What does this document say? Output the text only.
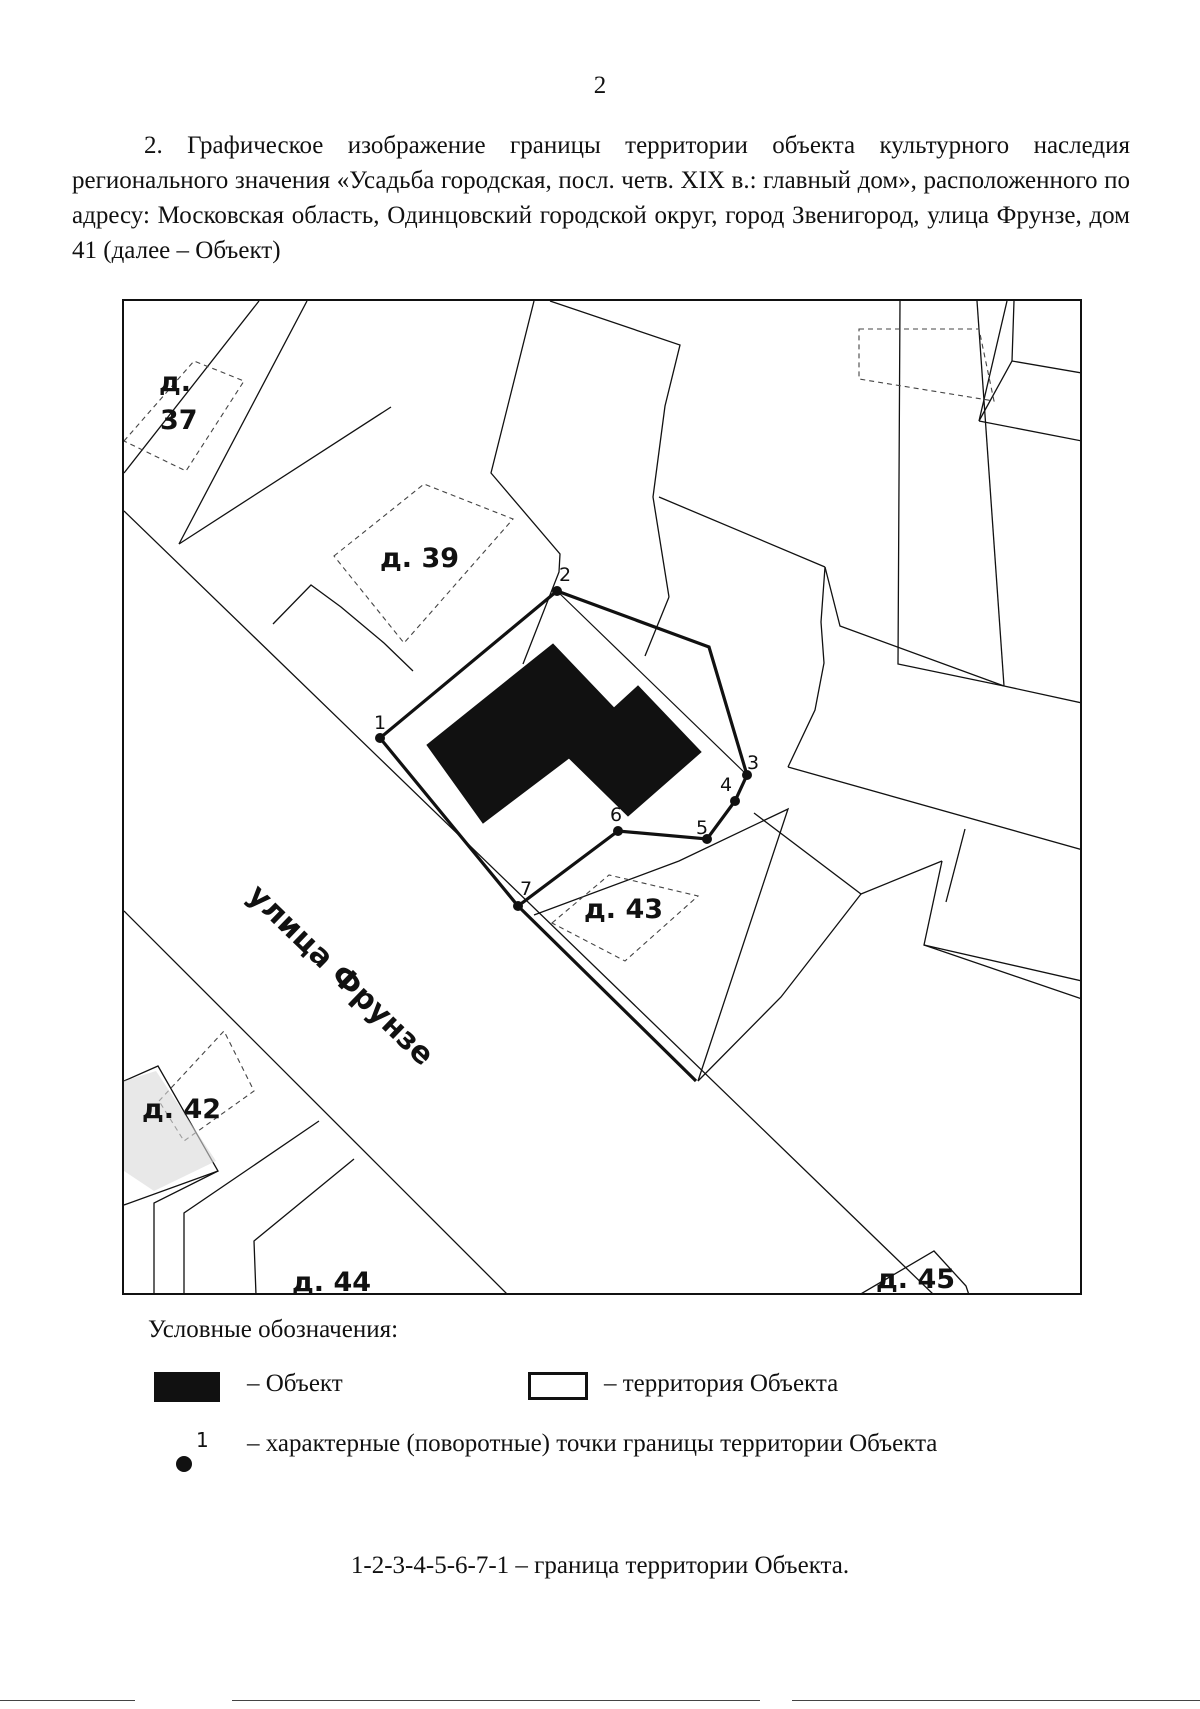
2

2. Графическое изображение границы территории объекта культурного наследия регионального значения «Усадьба городская, посл. четв. XIX в.: главный дом», расположенного по адресу: Московская область, Одинцовский городской округ, город Звенигород, улица Фрунзе, дом 41 (далее – Объект)

1
2
3
4
5
6
7
д.
37
д. 39
д. 43
д. 42
д. 44	д. 45
улица Фрунзе
Условные обозначения:
– Объект	– территория Объекта
1 – характерные (поворотные) точки границы территории Объекта
1-2-3-4-5-6-7-1 – граница территории Объекта.
